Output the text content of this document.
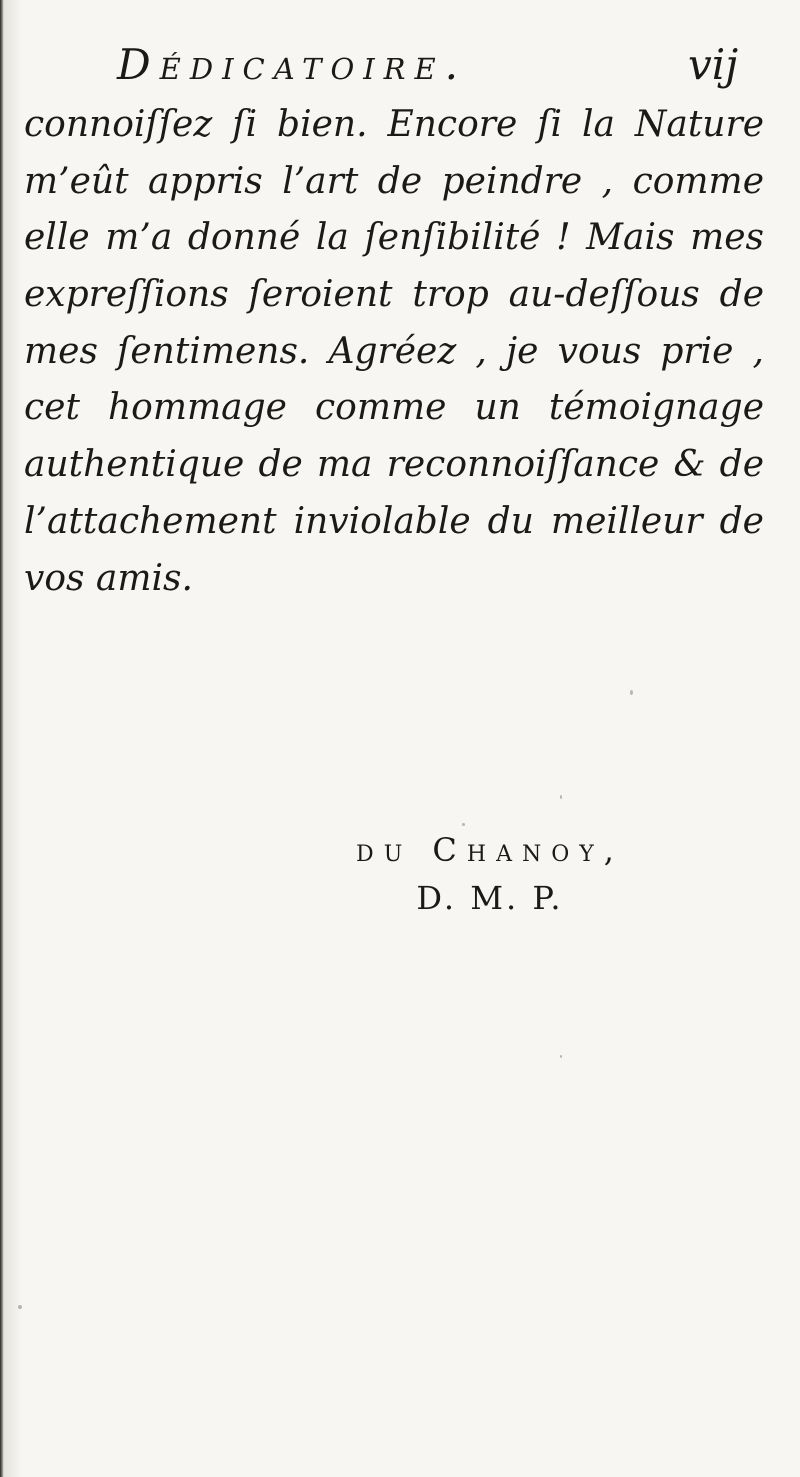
Dédicatoire.	vij
connoiſſez ſi bien. Encore ſi la Nature
m’eût appris l’art de peindre , comme
elle m’a donné la ſenſibilité ! Mais mes
expreſſions ſeroient trop au-deſſous de
mes ſentimens. Agréez , je vous prie ,
cet hommage comme un témoignage
authentique de ma reconnoiſſance & de
l’attachement inviolable du meilleur de
vos amis.
du Chanoy,
D. M. P.
